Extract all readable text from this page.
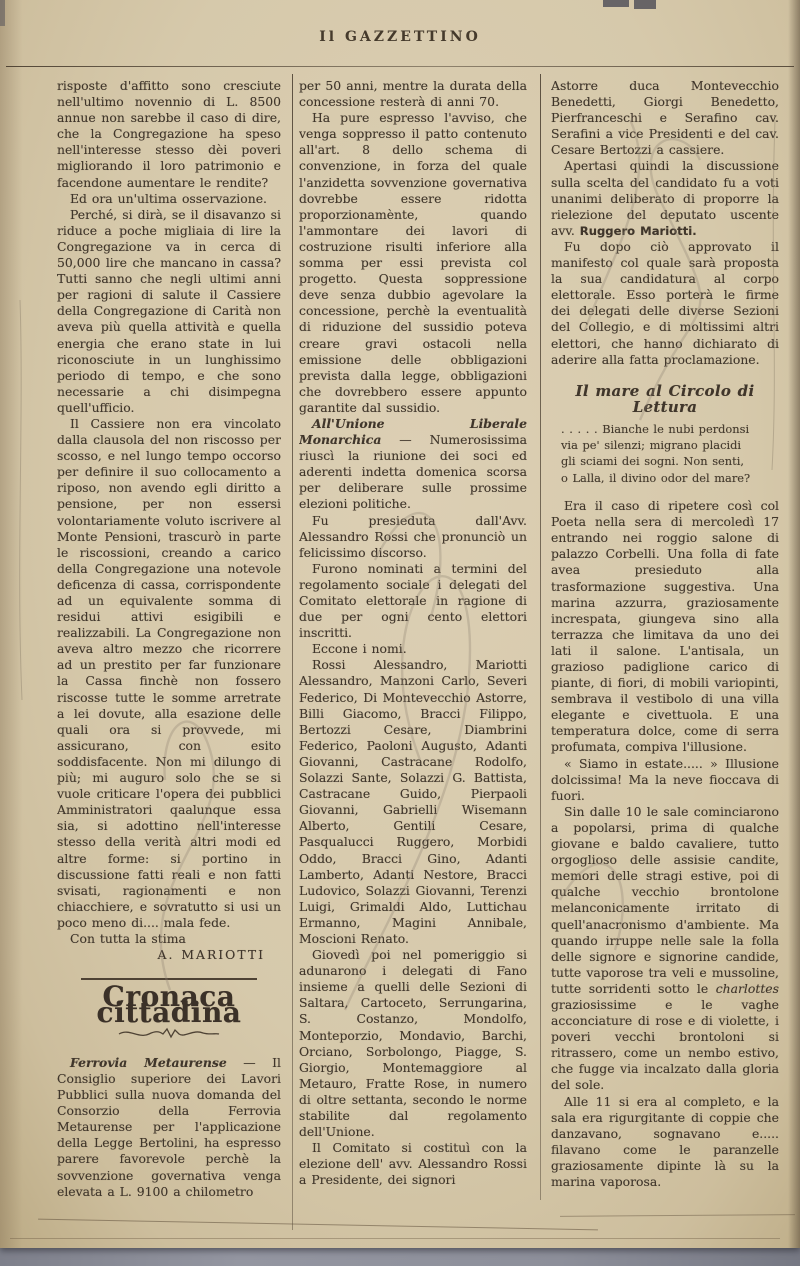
Il GAZZETTINO

risposte d'affitto sono cresciute nell'ultimo novennio di L. 8500 annue non sarebbe il caso di dire, che la Congregazione ha speso nell'interesse stesso dèi poveri migliorando il loro patrimonio e facendone aumentare le rendite?

Ed ora un'ultima osservazione.

Perché, si dirà, se il disavanzo si riduce a poche migliaia di lire la Congregazione va in cerca di 50,000 lire che mancano in cassa? Tutti sanno che negli ultimi anni per ragioni di salute il Cassiere della Congregazione di Carità non aveva più quella attività e quella energia che erano state in lui riconosciute in un lunghissimo periodo di tempo, e che sono necessarie a chi disimpegna quell'ufficio.

Il Cassiere non era vincolato dalla clausola del non riscosso per scosso, e nel lungo tempo occorso per definire il suo collocamento a riposo, non avendo egli diritto a pensione, per non essersi volontariamente voluto iscrivere al Monte Pensioni, trascurò in parte le riscossioni, creando a carico della Congregazione una notevole deficenza di cassa, corrispondente ad un equivalente somma di residui attivi esigibili e realizzabili. La Congregazione non aveva altro mezzo che ricorrere ad un prestito per far funzionare la Cassa finchè non fossero riscosse tutte le somme arretrate a lei dovute, alla esazione delle quali ora si provvede, mi assicurano, con esito soddisfacente. Non mi dilungo di più; mi auguro solo che se si vuole criticare l'opera dei pubblici Amministratori qaalunque essa sia, si adottino nell'interesse stesso della verità altri modi ed altre forme: si portino in discussione fatti reali e non fatti svisati, ragionamenti e non chiacchiere, e sovratutto si usi un poco meno di.... mala fede.

Con tutta la stima

A. MARIOTTI

Cronaca cittadina

Ferrovia Metaurense — Il Consiglio superiore dei Lavori Pubblici sulla nuova domanda del Consorzio della Ferrovia Metaurense per l'applicazione della Legge Bertolini, ha espresso parere favorevole perchè la sovvenzione governativa venga elevata a L. 9100 a chilometro

per 50 anni, mentre la durata della concessione resterà di anni 70.

Ha pure espresso l'avviso, che venga soppresso il patto contenuto all'art. 8 dello schema di convenzione, in forza del quale l'anzidetta sovvenzione governativa dovrebbe essere ridotta proporzionamènte, quando l'ammontare dei lavori di costruzione risulti inferiore alla somma per essi prevista col progetto. Questa soppressione deve senza dubbio agevolare la concessione, perchè la eventualità di riduzione del sussidio poteva creare gravi ostacoli nella emissione delle obbligazioni prevista dalla legge, obbligazioni che dovrebbero essere appunto garantite dal sussidio.

All'Unione Liberale Monarchica — Numerosissima riuscì la riunione dei soci ed aderenti indetta domenica scorsa per deliberare sulle prossime elezioni politiche.

Fu presieduta dall'Avv. Alessandro Rossi che pronunciò un felicissimo discorso.

Furono nominati a termini del regolamento sociale i delegati del Comitato elettorale in ragione di due per ogni cento elettori inscritti.

Eccone i nomi.

Rossi Alessandro, Mariotti Alessandro, Manzoni Carlo, Severi Federico, Di Montevecchio Astorre, Billi Giacomo, Bracci Filippo, Bertozzi Cesare, Diambrini Federico, Paoloni Augusto, Adanti Giovanni, Castracane Rodolfo, Solazzi Sante, Solazzi G. Battista, Castracane Guido, Pierpaoli Giovanni, Gabrielli Wisemann Alberto, Gentili Cesare, Pasqualucci Ruggero, Morbidi Oddo, Bracci Gino, Adanti Lamberto, Adanti Nestore, Bracci Ludovico, Solazzi Giovanni, Terenzi Luigi, Grimaldi Aldo, Luttichau Ermanno, Magini Annibale, Moscioni Renato.

Giovedì poi nel pomeriggio si adunarono i delegati di Fano insieme a quelli delle Sezioni di Saltara, Cartoceto, Serrungarina, S. Costanzo, Mondolfo, Monteporzio, Mondavio, Barchi, Orciano, Sorbolongo, Piagge, S. Giorgio, Montemaggiore al Metauro, Fratte Rose, in numero di oltre settanta, secondo le norme stabilite dal regolamento dell'Unione.

Il Comitato si costituì con la elezione dell' avv. Alessandro Rossi a Presidente, dei signori

Astorre duca Montevecchio Benedetti, Giorgi Benedetto, Pierfranceschi e Serafino cav. Serafini a vice Presidenti e del cav. Cesare Bertozzi a cassiere.

Apertasi quindi la discussione sulla scelta del candidato fu a voti unanimi deliberato di proporre la rielezione del deputato uscente avv. Ruggero Mariotti.

Fu dopo ciò approvato il manifesto col quale sarà proposta la sua candidatura al corpo elettorale. Esso porterà le firme dei delegati delle diverse Sezioni del Collegio, e di moltissimi altri elettori, che hanno dichiarato di aderire alla fatta proclamazione.

Il mare al Circolo di Lettura
. . . . . Bianche le nubi perdonsi
via pe' silenzi; migrano placidi
gli sciami dei sogni. Non senti,
o Lalla, il divino odor del mare?

Era il caso di ripetere così col Poeta nella sera di mercoledì 17 entrando nei roggio salone di palazzo Corbelli. Una folla di fate avea presieduto alla trasformazione suggestiva. Una marina azzurra, graziosamente increspata, giungeva sino alla terrazza che limitava da uno dei lati il salone. L'antisala, un grazioso padiglione carico di piante, di fiori, di mobili variopinti, sembrava il vestibolo di una villa elegante e civettuola. E una temperatura dolce, come di serra profumata, compiva l'illusione.

« Siamo in estate..... » Illusione dolcissima! Ma la neve fioccava di fuori.

Sin dalle 10 le sale cominciarono a popolarsi, prima di qualche giovane e baldo cavaliere, tutto orgoglioso delle assisie candite, memori delle stragi estive, poi di qualche vecchio brontolone melanconicamente irritato di quell'anacronismo d'ambiente. Ma quando irruppe nelle sale la folla delle signore e signorine candide, tutte vaporose tra veli e mussoline, tutte sorridenti sotto le charlottes graziosissime e le vaghe acconciature di rose e di violette, i poveri vecchi brontoloni si ritrassero, come un nembo estivo, che fugge via incalzato dalla gloria del sole.

Alle 11 si era al completo, e la sala era rigurgitante di coppie che danzavano, sognavano e..... filavano come le paranzelle graziosamente dipinte là su la marina vaporosa.
